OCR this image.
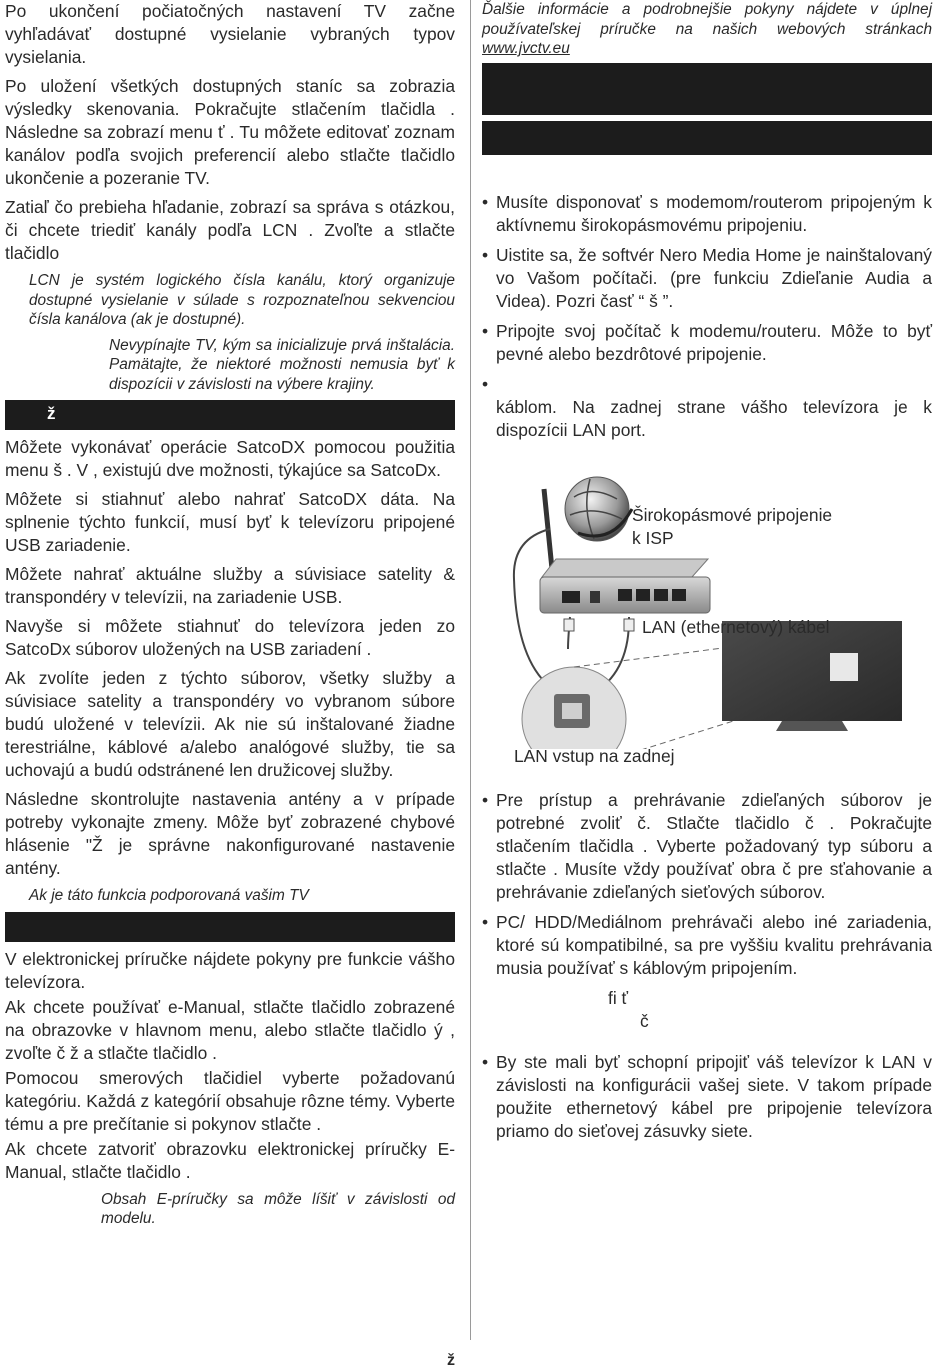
Po ukončení počiatočných nastavení TV začne vyhľadávať dostupné vysielanie vybraných typov vysielania.

Po uložení všetkých dostupných staníc sa zobrazia výsledky skenovania. Pokračujte stlačením tlačidla . Následne sa zobrazí menu ť . Tu môžete editovať zoznam kanálov podľa svojich preferencií alebo stlačte tlačidlo ukončenie a pozeranie TV.

Zatiaľ čo prebieha hľadanie, zobrazí sa správa s otázkou, či chcete triediť kanály podľa LCN . Zvoľte a stlačte tlačidlo

LCN je systém logického čísla kanálu, ktorý organizuje dostupné vysielanie v súlade s rozpoznateľnou sekvenciou čísla kanálova (ak je dostupné).

Nevypínajte TV, kým sa inicializuje prvá inštalácia. Pamätajte, že niektoré možnosti nemusia byť k dispozícii v závislosti na výbere krajiny.

ž

Môžete vykonávať operácie SatcoDX pomocou použitia menu š . V , existujú dve možnosti, týkajúce sa SatcoDx.

Môžete si stiahnuť alebo nahrať SatcoDX dáta. Na splnenie týchto funkcií, musí byť k televízoru pripojené USB zariadenie.

Môžete nahrať aktuálne služby a súvisiace satelity & transpondéry v televízii, na zariadenie USB.

Navyše si môžete stiahnuť do televízora jeden zo SatcoDx súborov uložených na USB zariadení .

Ak zvolíte jeden z týchto súborov, všetky služby a súvisiace satelity a transpondéry vo vybranom súbore budú uložené v televízii. Ak nie sú inštalované žiadne terestriálne, káblové a/alebo analógové služby, tie sa uchovajú a budú odstránené len družicovej služby.

Následne skontrolujte nastavenia antény a v prípade potreby vykonajte zmeny. Môže byť zobrazené chybové hlásenie "Ž je správne nakonfigurované nastavenie antény.

Ak je táto funkcia podporovaná vašim TV

V elektronickej príručke nájdete pokyny pre funkcie vášho televízora.

Ak chcete používať e-Manual, stlačte tlačidlo zobrazené na obrazovke v hlavnom menu, alebo stlačte tlačidlo ý , zvoľte č ž a stlačte tlačidlo .

Pomocou smerových tlačidiel vyberte požadovanú kategóriu. Každá z kategórií obsahuje rôzne témy. Vyberte tému a pre prečítanie si pokynov stlačte .

Ak chcete zatvoriť obrazovku elektronickej príručky E-Manual, stlačte tlačidlo .

Obsah E-príručky sa môže líšiť v závislosti od modelu.

Ďalšie informácie a podrobnejšie pokyny nájdete v úplnej používateľskej príručke na našich webových stránkach www.jvctv.eu

• Musíte disponovať s modemom/routerom pripojeným k aktívnemu širokopásmovému pripojeniu.
• Uistite sa, že softvér Nero Media Home je nainštalovaný vo Vašom počítači. (pre funkciu Zdieľanie Audia a Videa). Pozri časť “ š ”.
• Pripojte svoj počítač k modemu/routeru. Môže to byť pevné alebo bezdrôtové pripojenie.
• káblom. Na zadnej strane vášho televízora je k dispozícii LAN port.
Širokopásmové pripojenie
k ISP
LAN (ethernetový) kábel
LAN vstup na zadnej
• Pre prístup a prehrávanie zdieľaných súborov je potrebné zvoliť č. Stlačte tlačidlo č . Pokračujte stlačením tlačidla . Vyberte požadovaný typ súboru a stlačte . Musíte vždy používať obra č pre sťahovanie a prehrávanie zdieľaných sieťových súborov.
• PC/ HDD/Mediálnom prehrávači alebo iné zariadenia, ktoré sú kompatibilné, sa pre vyššiu kvalitu prehrávania musia používať s káblovým pripojením.
fi ť
č
• By ste mali byť schopní pripojiť váš televízor k LAN v závislosti na konfigurácii vašej siete. V takom prípade použite ethernetový kábel pre pripojenie televízora priamo do sieťovej zásuvky siete.
ž
